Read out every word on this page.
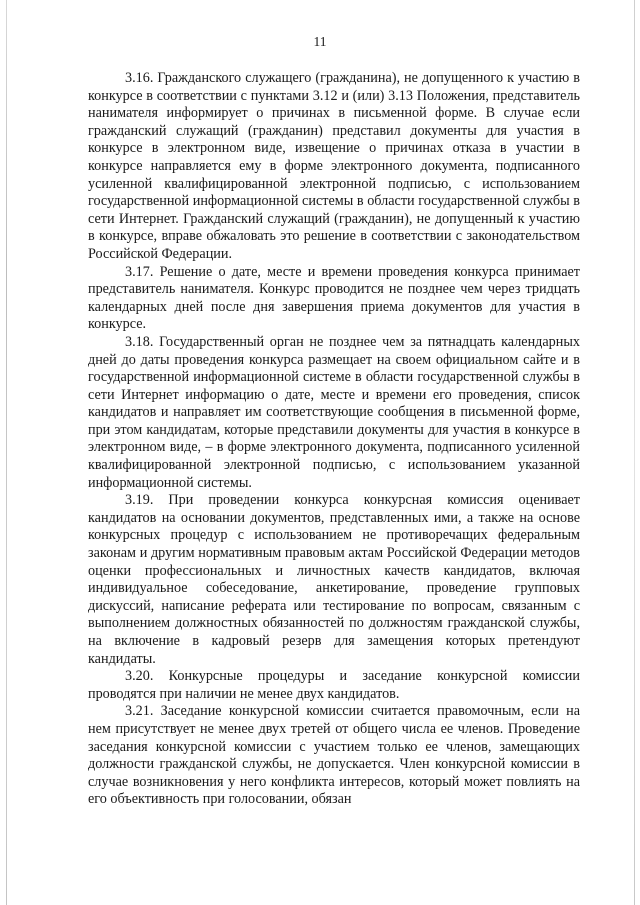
11

3.16. Гражданского служащего (гражданина), не допущенного к участию в конкурсе в соответствии с пунктами 3.12 и (или) 3.13 Положения, представитель нанимателя информирует о причинах в письменной форме. В случае если гражданский служащий (гражданин) представил документы для участия в конкурсе в электронном виде, извещение о причинах отказа в участии в конкурсе направляется ему в форме электронного документа, подписанного усиленной квалифицированной электронной подписью, с использованием государственной информационной системы в области государственной службы в сети Интернет. Гражданский служащий (гражданин), не допущенный к участию в конкурсе, вправе обжаловать это решение в соответствии с законодательством Российской Федерации.

3.17. Решение о дате, месте и времени проведения конкурса принимает представитель нанимателя. Конкурс проводится не позднее чем через тридцать календарных дней после дня завершения приема документов для участия в конкурсе.

3.18. Государственный орган не позднее чем за пятнадцать календарных дней до даты проведения конкурса размещает на своем официальном сайте и в государственной информационной системе в области государственной службы в сети Интернет информацию о дате, месте и времени его проведения, список кандидатов и направляет им соответствующие сообщения в письменной форме, при этом кандидатам, которые представили документы для участия в конкурсе в электронном виде, – в форме электронного документа, подписанного усиленной квалифицированной электронной подписью, с использованием указанной информационной системы.

3.19. При проведении конкурса конкурсная комиссия оценивает кандидатов на основании документов, представленных ими, а также на основе конкурсных процедур с использованием не противоречащих федеральным законам и другим нормативным правовым актам Российской Федерации методов оценки профессиональных и личностных качеств кандидатов, включая индивидуальное собеседование, анкетирование, проведение групповых дискуссий, написание реферата или тестирование по вопросам, связанным с выполнением должностных обязанностей по должностям гражданской службы, на включение в кадровый резерв для замещения которых претендуют кандидаты.

3.20. Конкурсные процедуры и заседание конкурсной комиссии проводятся при наличии не менее двух кандидатов.

3.21. Заседание конкурсной комиссии считается правомочным, если на нем присутствует не менее двух третей от общего числа ее членов. Проведение заседания конкурсной комиссии с участием только ее членов, замещающих должности гражданской службы, не допускается. Член конкурсной комиссии в случае возникновения у него конфликта интересов, который может повлиять на его объективность при голосовании, обязан
